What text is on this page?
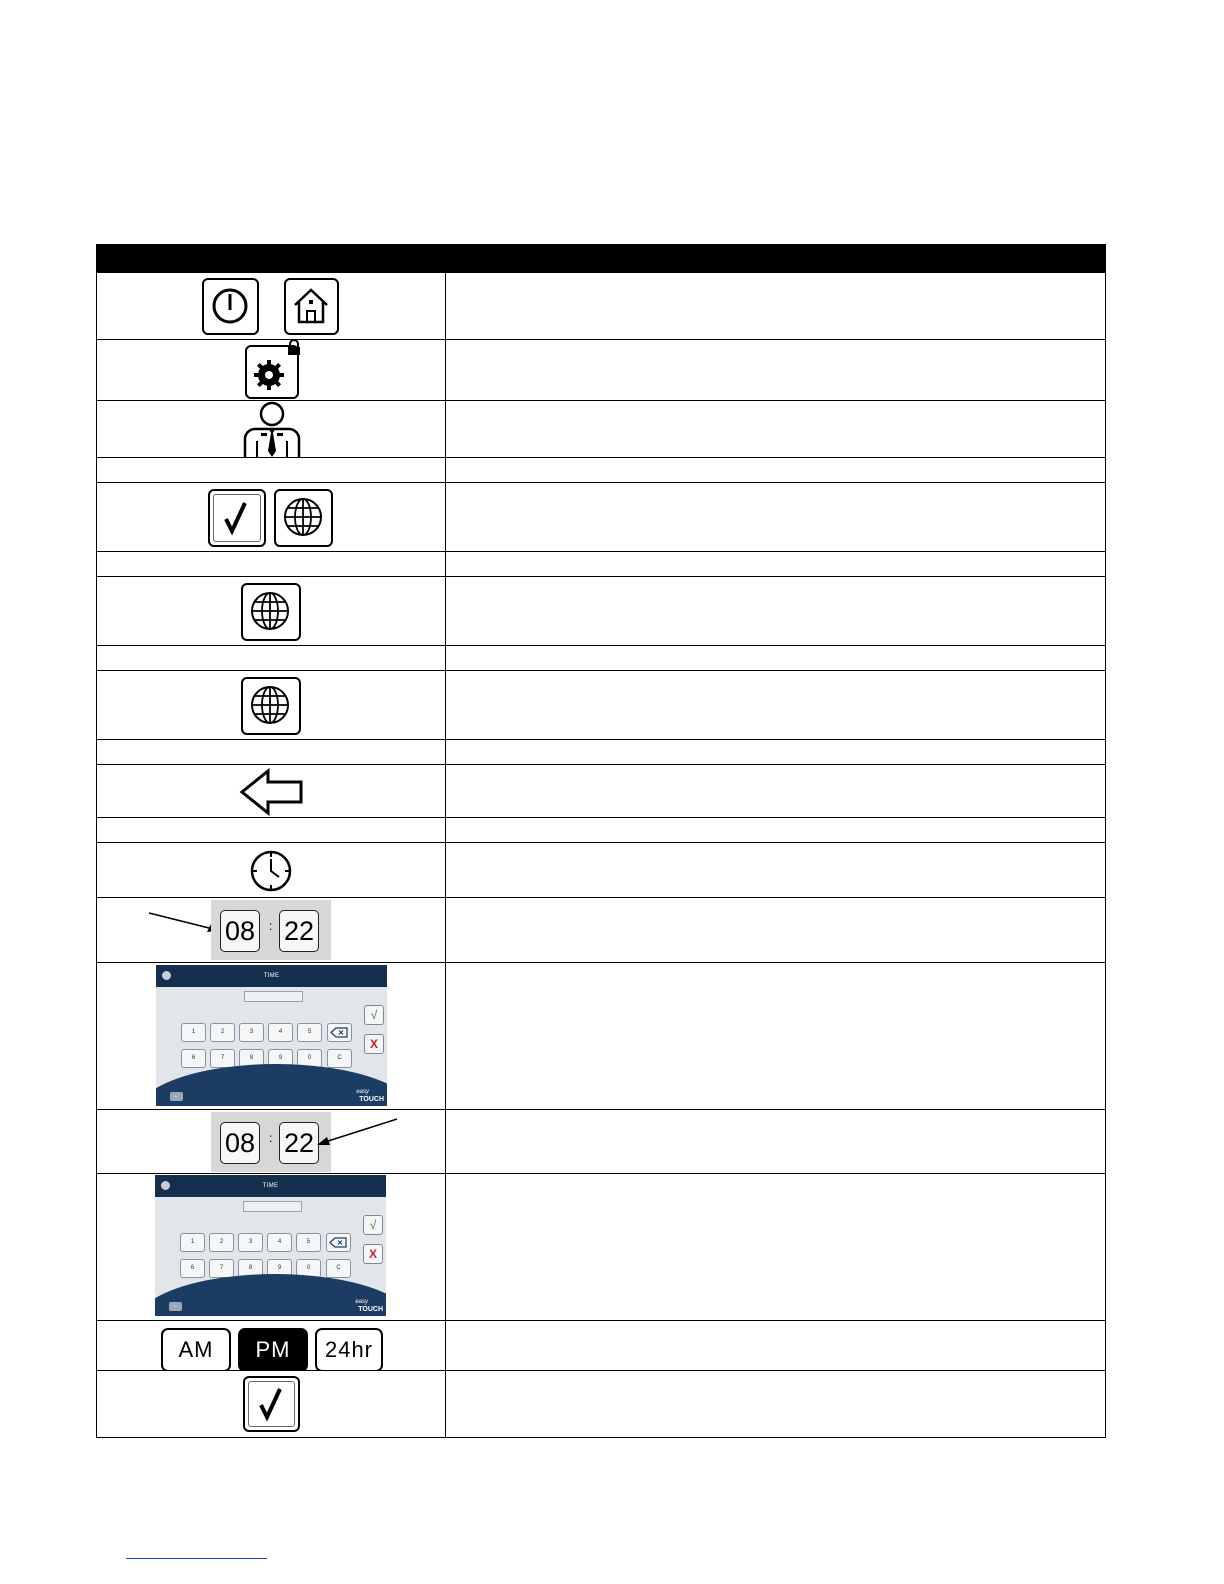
08	: 22
TIME
1	2	3	4	5
6	7	8	9	0	C
√
X
←
easy
TOUCH
08	: 22
TIME
1	2	3	4	5
6	7	8	9	0	C
√
X
←
easy
TOUCH
AM	PM	24hr
